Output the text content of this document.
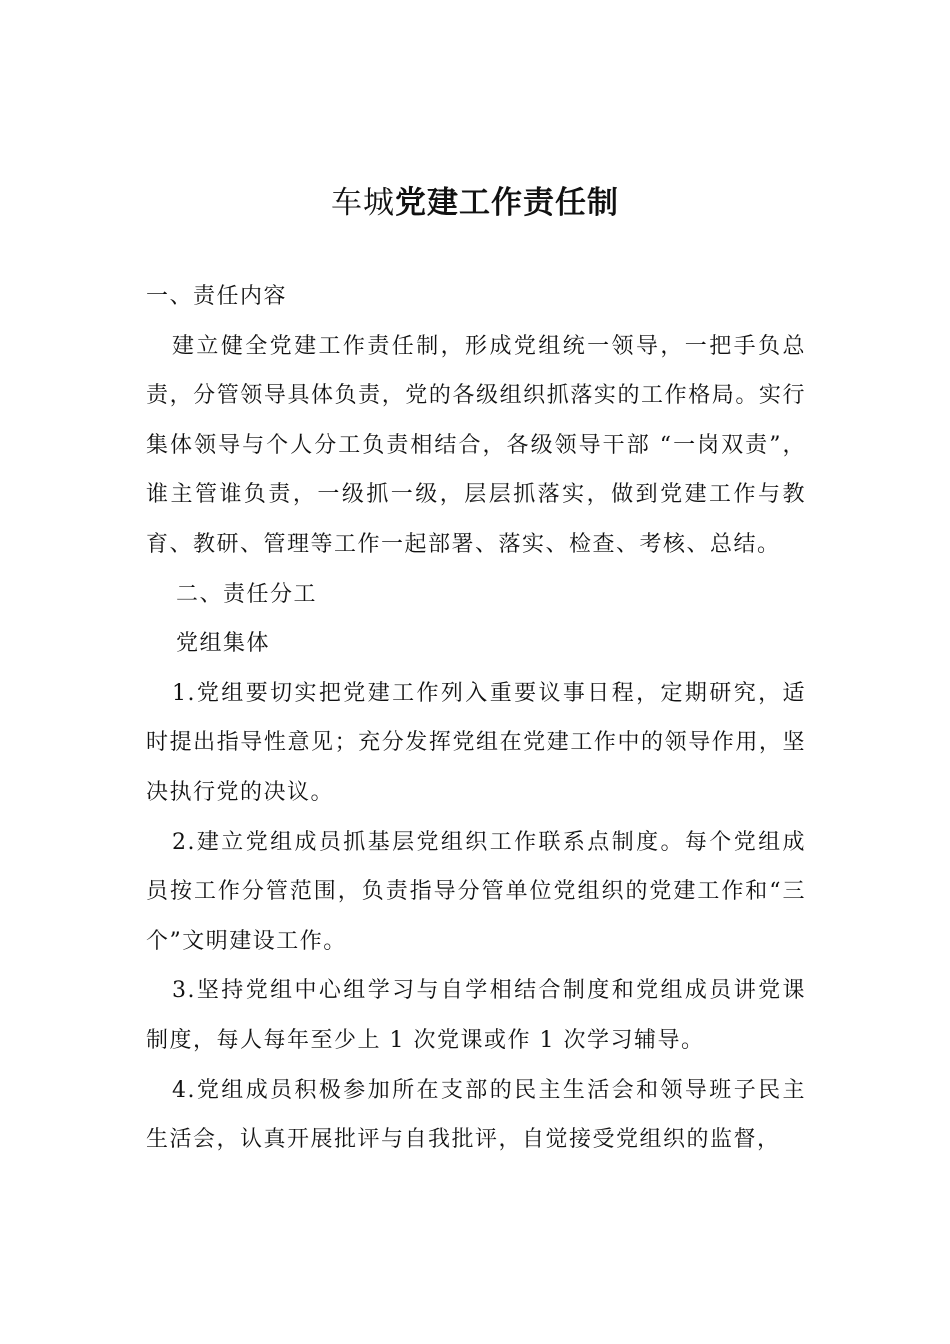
车城党建工作责任制

一、责任内容

建立健全党建工作责任制，形成党组统一领导，一把手负总责，分管领导具体负责，党的各级组织抓落实的工作格局。实行集体领导与个人分工负责相结合，各级领导干部 “一岗双责”，谁主管谁负责，一级抓一级，层层抓落实，做到党建工作与教育、教研、管理等工作一起部署、落实、检查、考核、总结。

二、责任分工

党组集体

1.党组要切实把党建工作列入重要议事日程，定期研究，适时提出指导性意见；充分发挥党组在党建工作中的领导作用，坚决执行党的决议。

2.建立党组成员抓基层党组织工作联系点制度。每个党组成员按工作分管范围，负责指导分管单位党组织的党建工作和“三个”文明建设工作。

3.坚持党组中心组学习与自学相结合制度和党组成员讲党课制度，每人每年至少上 1 次党课或作 1 次学习辅导。

4.党组成员积极参加所在支部的民主生活会和领导班子民主生活会，认真开展批评与自我批评，自觉接受党组织的监督，
